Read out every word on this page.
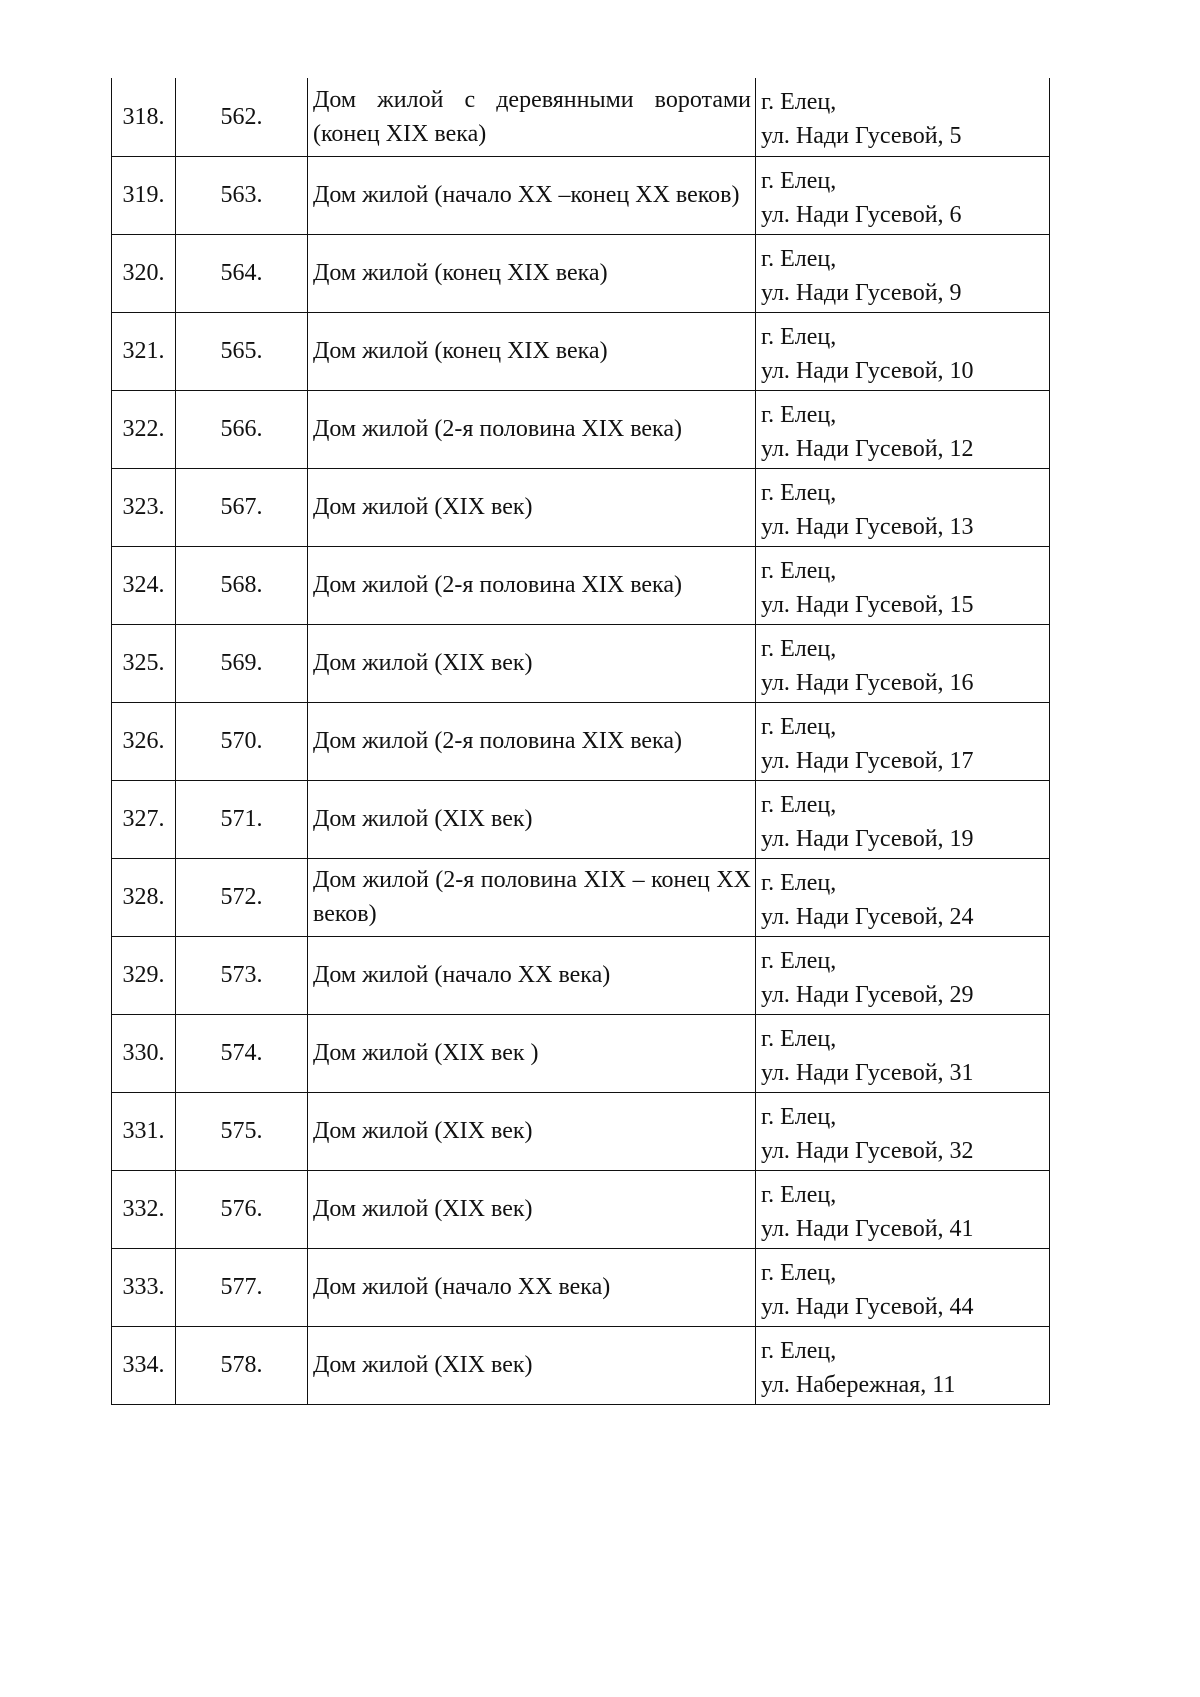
318.	562.	Дом жилой с деревянными воротами (конец XIX века)	г. Елец,
ул. Нади Гусевой, 5

319.	563.	Дом жилой (начало XX –конец XX веков)	г. Елец,
ул. Нади Гусевой, 6

320.	564.	Дом жилой (конец XIX века)	г. Елец,
ул. Нади Гусевой, 9

321.	565.	Дом жилой (конец XIX века)	г. Елец,
ул. Нади Гусевой, 10

322.	566.	Дом жилой (2-я половина XIX века)	г. Елец,
ул. Нади Гусевой, 12

323.	567.	Дом жилой (XIX век)	г. Елец,
ул. Нади Гусевой, 13

324.	568.	Дом жилой (2-я половина XIX века)	г. Елец,
ул. Нади Гусевой, 15

325.	569.	Дом жилой (XIX век)	г. Елец,
ул. Нади Гусевой, 16

326.	570.	Дом жилой (2-я половина XIX века)	г. Елец,
ул. Нади Гусевой, 17

327.	571.	Дом жилой (XIX век)	г. Елец,
ул. Нади Гусевой, 19

328.	572.	Дом жилой (2-я половина XIX – конец XX веков)	г. Елец,
ул. Нади Гусевой, 24

329.	573.	Дом жилой (начало XX века)	г. Елец,
ул. Нади Гусевой, 29

330.	574.	Дом жилой (XIX век )	г. Елец,
ул. Нади Гусевой, 31

331.	575.	Дом жилой (XIX век)	г. Елец,
ул. Нади Гусевой, 32

332.	576.	Дом жилой (XIX век)	г. Елец,
ул. Нади Гусевой, 41

333.	577.	Дом жилой (начало XX века)	г. Елец,
ул. Нади Гусевой, 44

334.	578.	Дом жилой (XIX век)	г. Елец,
ул. Набережная, 11
